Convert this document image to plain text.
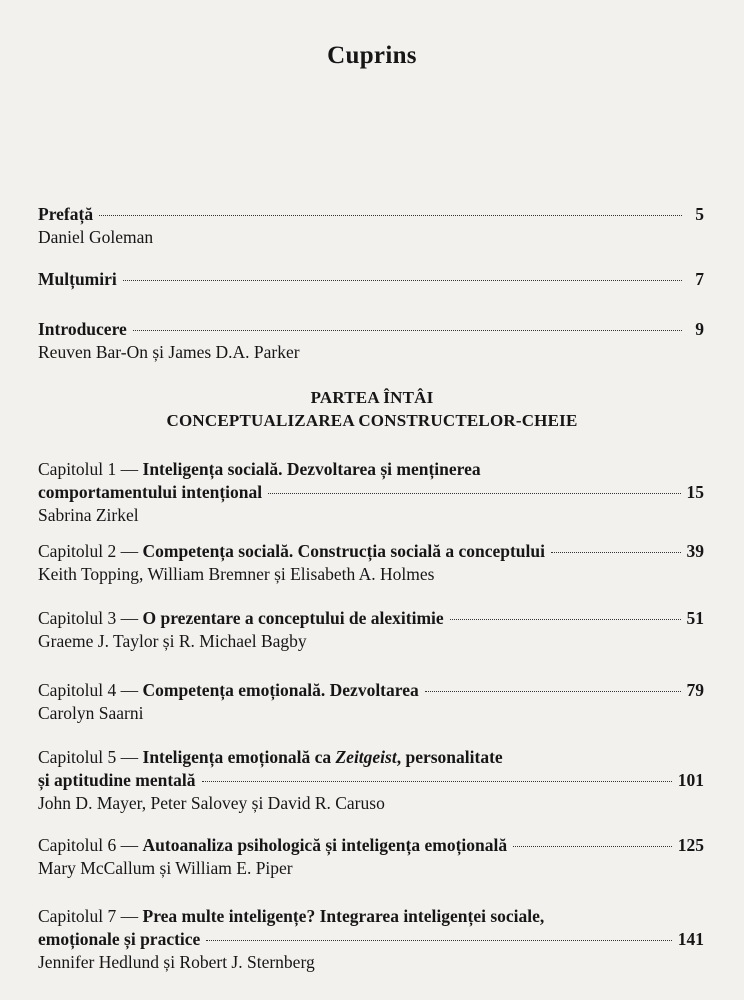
Cuprins
Prefață	5
Daniel Goleman
Mulțumiri	7
Introducere	9
Reuven Bar-On și James D.A. Parker
PARTEA ÎNTÂI
CONCEPTUALIZAREA CONSTRUCTELOR-CHEIE
Capitolul 1 —
Inteligența socială. Dezvoltarea și menținerea
comportamentului intențional	15
Sabrina Zirkel
Capitolul 2 —
Competența socială. Construcția socială a conceptului	39
Keith Topping, William Bremner și Elisabeth A. Holmes
Capitolul 3 —
O prezentare a conceptului de alexitimie	51
Graeme J. Taylor și R. Michael Bagby
Capitolul 4 —
Competența emoțională. Dezvoltarea	79
Carolyn Saarni
Capitolul 5 —
Inteligența emoțională ca Zeitgeist, personalitate
și aptitudine mentală	101
John D. Mayer, Peter Salovey și David R. Caruso
Capitolul 6 —
Autoanaliza psihologică și inteligența emoțională	125
Mary McCallum și William E. Piper
Capitolul 7 —
Prea multe inteligențe? Integrarea inteligenței sociale,
emoționale și practice	141
Jennifer Hedlund și Robert J. Sternberg
